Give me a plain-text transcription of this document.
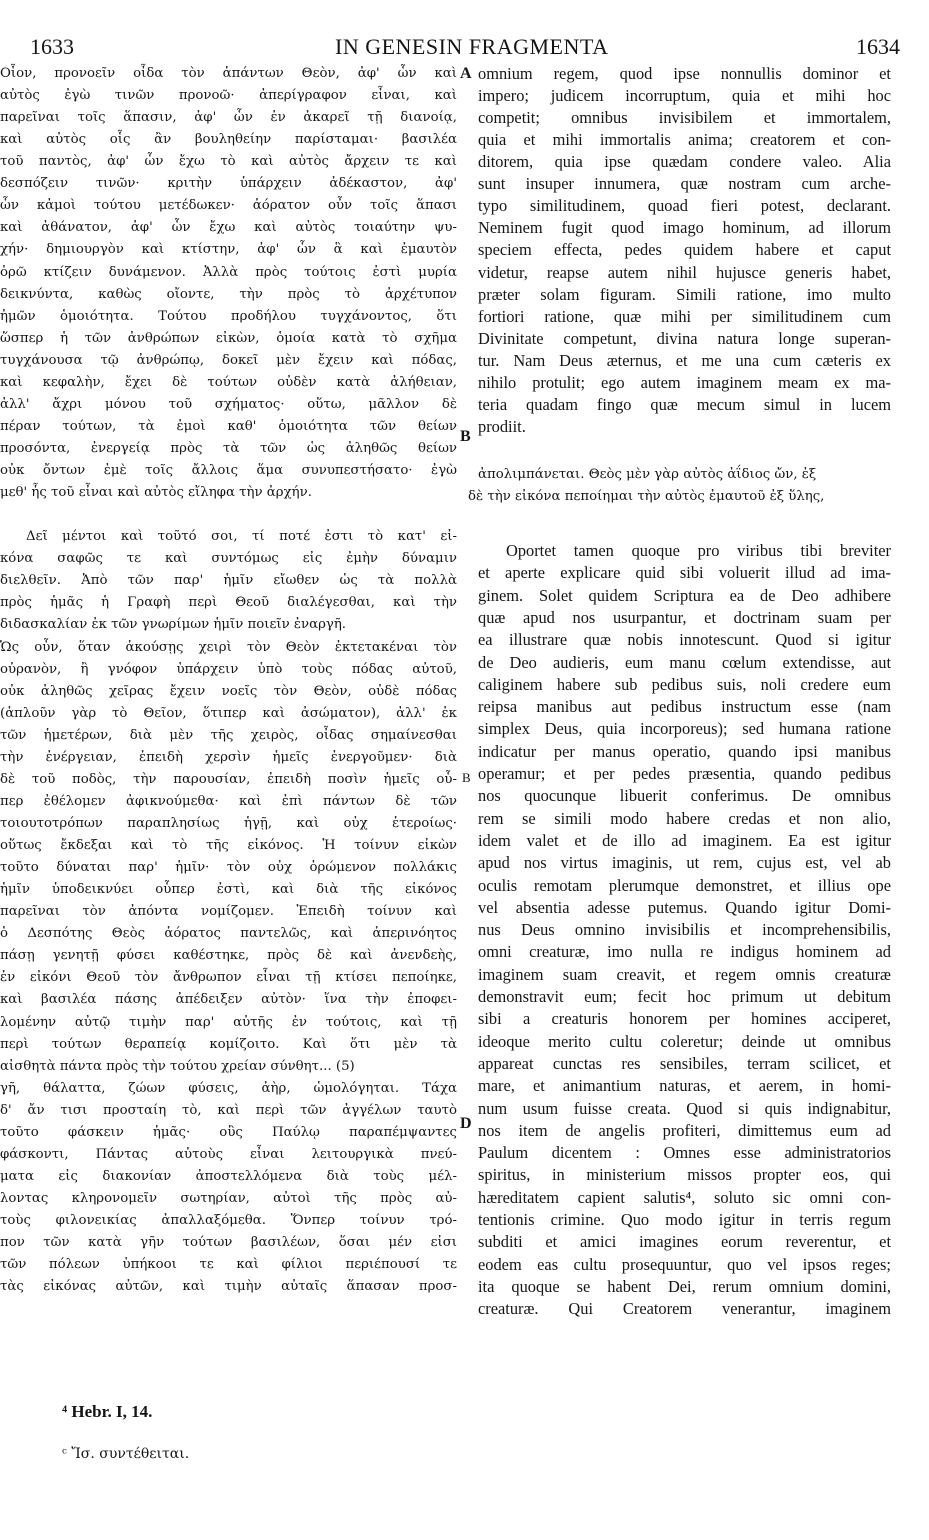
1633	IN GENESIN FRAGMENTA	1634
Οἷον, προνοεῖν οἶδα τὸν ἁπάντων Θεὸν, ἀφ' ὧν καὶ
αὐτὸς ἐγὼ τινῶν προνοῶ· ἀπερίγραφον εἶναι, καὶ
παρεῖναι τοῖς ἅπασιν, ἀφ' ὧν ἐν ἀκαρεῖ τῇ διανοίᾳ,
καὶ αὐτὸς οἷς ἂν βουληθείην παρίσταμαι· βασιλέα
τοῦ παντὸς, ἀφ' ὧν ἔχω τὸ καὶ αὐτὸς ἄρχειν τε καὶ
δεσπόζειν τινῶν· κριτὴν ὑπάρχειν ἀδέκαστον, ἀφ'
ὧν κἀμοὶ τούτου μετέδωκεν· ἀόρατον οὖν τοῖς ἅπασι
καὶ ἀθάνατον, ἀφ' ὧν ἔχω καὶ αὐτὸς τοιαύτην ψυ-
χήν· δημιουργὸν καὶ κτίστην, ἀφ' ὧν ἃ καὶ ἐμαυτὸν
ὁρῶ κτίζειν δυνάμενον. Ἀλλὰ πρὸς τούτοις ἐστὶ μυρία
δεικνύντα, καθὼς οἴοντε, τὴν πρὸς τὸ ἀρχέτυπον
ἡμῶν ὁμοιότητα. Τούτου προδήλου τυγχάνοντος, ὅτι
ὥσπερ ἡ τῶν ἀνθρώπων εἰκὼν, ὁμοία κατὰ τὸ σχῆμα
τυγχάνουσα τῷ ἀνθρώπῳ, δοκεῖ μὲν ἔχειν καὶ πόδας,
καὶ κεφαλὴν, ἔχει δὲ τούτων οὐδὲν κατὰ ἀλήθειαν,
ἀλλ' ἄχρι μόνου τοῦ σχήματος· οὕτω, μᾶλλον δὲ
πέραν τούτων, τὰ ἐμοὶ καθ' ὁμοιότητα τῶν θείων
προσόντα, ἐνεργείᾳ πρὸς τὰ τῶν ὡς ἀληθῶς θείων
οὐκ ὄντων ἐμὲ τοῖς ἄλλοις ἅμα συνυπεστήσατο· ἐγὼ
μεθ' ἧς τοῦ εἶναι καὶ αὐτὸς εἴληφα τὴν ἀρχήν.
Δεῖ μέντοι καὶ τοῦτό σοι, τί ποτέ ἐστι τὸ κατ' εἰ-
κόνα σαφῶς τε καὶ συντόμως εἰς ἐμὴν δύναμιν
διελθεῖν. Ἀπὸ τῶν παρ' ἡμῖν εἴωθεν ὡς τὰ πολλὰ
πρὸς ἡμᾶς ἡ Γραφὴ περὶ Θεοῦ διαλέγεσθαι, καὶ τὴν
διδασκαλίαν ἐκ τῶν γνωρίμων ἡμῖν ποιεῖν ἐναργῆ.
Ὡς οὖν, ὅταν ἀκούσῃς χειρὶ τὸν Θεὸν ἐκτετακέναι τὸν
οὐρανὸν, ἢ γνόφον ὑπάρχειν ὑπὸ τοὺς πόδας αὐτοῦ,
οὐκ ἀληθῶς χεῖρας ἔχειν νοεῖς τὸν Θεὸν, οὐδὲ πόδας
(ἁπλοῦν γὰρ τὸ Θεῖον, ὅτιπερ καὶ ἀσώματον), ἀλλ' ἐκ
τῶν ἡμετέρων, διὰ μὲν τῆς χειρὸς, οἶδας σημαίνεσθαι
τὴν ἐνέργειαν, ἐπειδὴ χερσὶν ἡμεῖς ἐνεργοῦμεν· διὰ
δὲ τοῦ ποδὸς, τὴν παρουσίαν, ἐπειδὴ ποσὶν ἡμεῖς οὗ-
περ ἐθέλομεν ἀφικνούμεθα· καὶ ἐπὶ πάντων δὲ τῶν
τοιουτοτρόπων παραπλησίως ἡγῇ, καὶ οὐχ ἑτεροίως·
οὕτως ἔκδεξαι καὶ τὸ τῆς εἰκόνος. Ἡ τοίνυν εἰκὼν
τοῦτο δύναται παρ' ἡμῖν· τὸν οὐχ ὁρώμενον πολλάκις
ἡμῖν ὑποδεικνύει οὗπερ ἐστὶ, καὶ διὰ τῆς εἰκόνος
παρεῖναι τὸν ἀπόντα νομίζομεν. Ἐπειδὴ τοίνυν καὶ
ὁ Δεσπότης Θεὸς ἀόρατος παντελῶς, καὶ ἀπερινόητος
πάσῃ γενητῇ φύσει καθέστηκε, πρὸς δὲ καὶ ἀνενδεὴς,
ἐν εἰκόνι Θεοῦ τὸν ἄνθρωπον εἶναι τῇ κτίσει πεποίηκε,
καὶ βασιλέα πάσης ἀπέδειξεν αὐτὸν· ἵνα τὴν ἐποφει-
λομένην αὐτῷ τιμὴν παρ' αὐτῆς ἐν τούτοις, καὶ τῇ
περὶ τούτων θεραπείᾳ κομίζοιτο. Καὶ ὅτι μὲν τὰ
αἰσθητὰ πάντα πρὸς τὴν τούτου χρείαν σύνθητ... (5)
γῆ, θάλαττα, ζώων φύσεις, ἀὴρ, ὡμολόγηται. Τάχα
δ' ἄν τισι προσταίη τὸ, καὶ περὶ τῶν ἀγγέλων ταυτὸ
τοῦτο φάσκειν ἡμᾶς· οὓς Παύλῳ παραπέμψαντες
φάσκοντι, Πάντας αὐτοὺς εἶναι λειτουργικὰ πνεύ-
ματα εἰς διακονίαν ἀποστελλόμενα διὰ τοὺς μέλ-
λοντας κληρονομεῖν σωτηρίαν, αὐτοὶ τῆς πρὸς αὐ-
τοὺς φιλονεικίας ἀπαλλαξόμεθα. Ὅνπερ τοίνυν τρό-
πον τῶν κατὰ γῆν τούτων βασιλέων, ὅσαι μέν εἰσι
τῶν πόλεων ὑπήκοοι τε καὶ φίλιοι περιέπουσί τε
τὰς εἰκόνας αὐτῶν, καὶ τιμὴν αὐταῖς ἅπασαν προσ-
omnium regem, quod ipse nonnullis dominor et
impero; judicem incorruptum, quia et mihi hoc
competit; omnibus invisibilem et immortalem,
quia et mihi immortalis anima; creatorem et con-
ditorem, quia ipse quædam condere valeo. Alia
sunt insuper innumera, quæ nostram cum arche-
typo similitudinem, quoad fieri potest, declarant.
Neminem fugit quod imago hominum, ad illorum
speciem effecta, pedes quidem habere et caput
videtur, reapse autem nihil hujusce generis habet,
præter solam figuram. Simili ratione, imo multo
fortiori ratione, quæ mihi per similitudinem cum
Divinitate competunt, divina natura longe superan-
tur. Nam Deus æternus, et me una cum cæteris ex
nihilo protulit; ego autem imaginem meam ex ma-
teria quadam fingo quæ mecum simul in lucem
prodiit.
Oportet tamen quoque pro viribus tibi breviter
et aperte explicare quid sibi voluerit illud ad ima-
ginem. Solet quidem Scriptura ea de Deo adhibere
quæ apud nos usurpantur, et doctrinam suam per
ea illustrare quæ nobis innotescunt. Quod si igitur
de Deo audieris, eum manu cœlum extendisse, aut
caliginem habere sub pedibus suis, noli credere eum
reipsa manibus aut pedibus instructum esse (nam
simplex Deus, quia incorporeus); sed humana ratione
indicatur per manus operatio, quando ipsi manibus
operamur; et per pedes præsentia, quando pedibus
nos quocunque libuerit conferimus. De omnibus
rem se simili modo habere credas et non alio,
idem valet et de illo ad imaginem. Ea est igitur
apud nos virtus imaginis, ut rem, cujus est, vel ab
oculis remotam plerumque demonstret, et illius ope
vel absentia adesse putemus. Quando igitur Domi-
nus Deus omnino invisibilis et incomprehensibilis,
omni creaturæ, imo nulla re indigus hominem ad
imaginem suam creavit, et regem omnis creaturæ
demonstravit eum; fecit hoc primum ut debitum
sibi a creaturis honorem per homines acciperet,
ideoque merito cultu coleretur; deinde ut omnibus
appareat cunctas res sensibiles, terram scilicet, et
mare, et animantium naturas, et aerem, in homi-
num usum fuisse creata. Quod si quis indignabitur,
nos item de angelis profiteri, dimittemus eum ad
Paulum dicentem : Omnes esse administratorios
spiritus, in ministerium missos propter eos, qui
hæreditatem capient salutis⁴, soluto sic omni con-
tentionis crimine. Quo modo igitur in terris regum
subditi et amici imagines eorum reverentur, et
eodem eas cultu prosequuntur, quo vel ipsos reges;
ita quoque se habent Dei, rerum omnium domini,
creaturæ. Qui Creatorem venerantur, imaginem
ἀπολιμπάνεται. Θεὸς μὲν γὰρ αὐτὸς ἀΐδιος ὤν, ἐξ
δὲ τὴν εἰκόνα πεποίημαι τὴν αὐτὸς ἐμαυτοῦ ἐξ ὕλης,
A
B
B
D
⁴ Hebr. I, 14.
ᶜ Ἴσ. συντέθειται.
